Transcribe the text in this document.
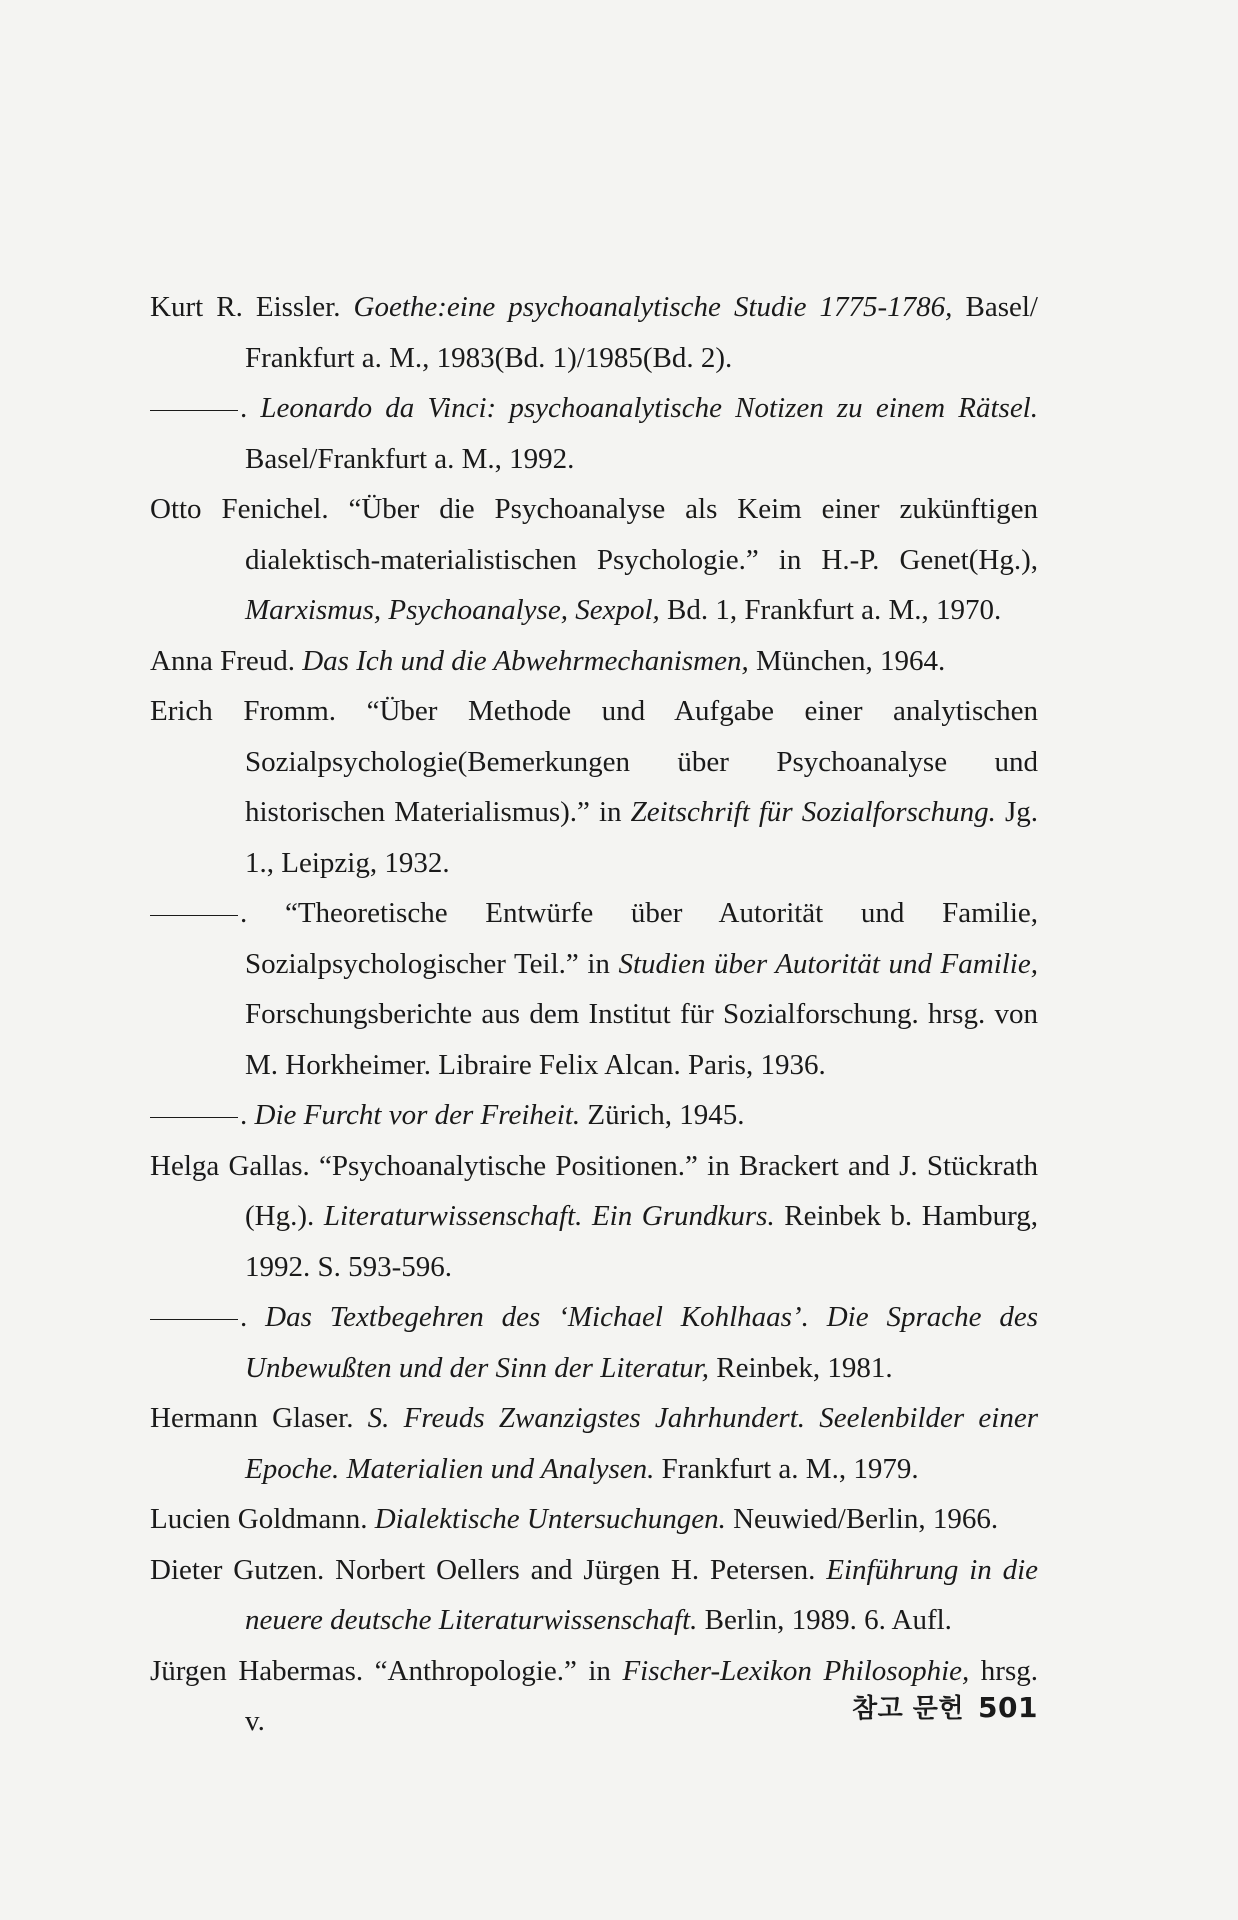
Kurt R. Eissler. Goethe:eine psychoanalytische Studie 1775-1786, Basel/ Frankfurt a. M., 1983(Bd. 1)/1985(Bd. 2).
. Leonardo da Vinci: psychoanalytische Notizen zu einem Rätsel. Basel/Frankfurt a. M., 1992.
Otto Fenichel. “Über die Psychoanalyse als Keim einer zukünftigen dialektisch-materialistischen Psychologie.” in H.-P. Genet(Hg.), Marxismus, Psychoanalyse, Sexpol, Bd. 1, Frankfurt a. M., 1970.
Anna Freud. Das Ich und die Abwehrmechanismen, München, 1964.
Erich Fromm. “Über Methode und Aufgabe einer analytischen Sozialpsychologie(Bemerkungen über Psychoanalyse und historischen Materialismus).” in Zeitschrift für Sozialforschung. Jg. 1., Leipzig, 1932.
. “Theoretische Entwürfe über Autorität und Familie, Sozialpsychologischer Teil.” in Studien über Autorität und Familie, Forschungsberichte aus dem Institut für Sozialforschung. hrsg. von M. Horkheimer. Libraire Felix Alcan. Paris, 1936.
. Die Furcht vor der Freiheit. Zürich, 1945.
Helga Gallas. “Psychoanalytische Positionen.” in Brackert and J. Stückrath (Hg.). Literaturwissenschaft. Ein Grundkurs. Reinbek b. Hamburg, 1992. S. 593-596.
. Das Textbegehren des ‘Michael Kohlhaas’. Die Sprache des Unbewußten und der Sinn der Literatur, Reinbek, 1981.
Hermann Glaser. S. Freuds Zwanzigstes Jahrhundert. Seelenbilder einer Epoche. Materialien und Analysen. Frankfurt a. M., 1979.
Lucien Goldmann. Dialektische Untersuchungen. Neuwied/Berlin, 1966.
Dieter Gutzen. Norbert Oellers and Jürgen H. Petersen. Einführung in die neuere deutsche Literaturwissenschaft. Berlin, 1989. 6. Aufl.
Jürgen Habermas. “Anthropologie.” in Fischer-Lexikon Philosophie, hrsg. v.	참고 문헌 501
